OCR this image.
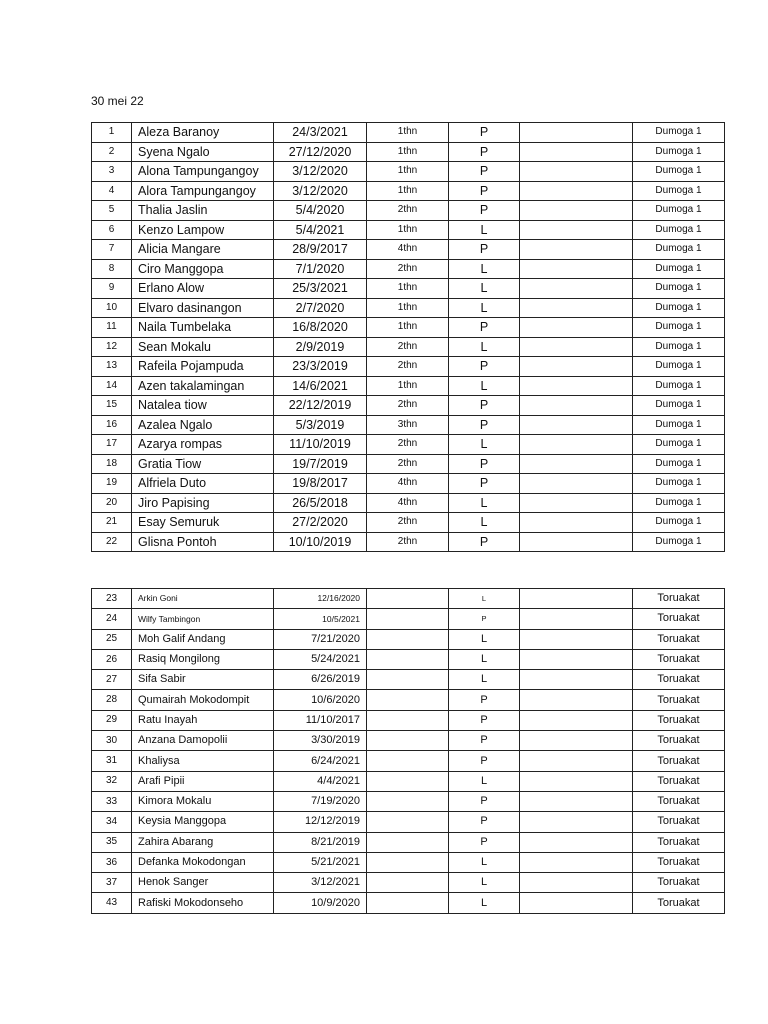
30 mei 22
1	Aleza Baranoy	24/3/2021	1thn	P		Dumoga 1
2	Syena Ngalo	27/12/2020	1thn	P		Dumoga 1
3	Alona Tampungangoy	3/12/2020	1thn	P		Dumoga 1
4	Alora Tampungangoy	3/12/2020	1thn	P		Dumoga 1
5	Thalia Jaslin	5/4/2020	2thn	P		Dumoga 1
6	Kenzo Lampow	5/4/2021	1thn	L		Dumoga 1
7	Alicia Mangare	28/9/2017	4thn	P		Dumoga 1
8	Ciro Manggopa	7/1/2020	2thn	L		Dumoga 1
9	Erlano Alow	25/3/2021	1thn	L		Dumoga 1
10	Elvaro dasinangon	2/7/2020	1thn	L		Dumoga 1
11	Naila Tumbelaka	16/8/2020	1thn	P		Dumoga 1
12	Sean Mokalu	2/9/2019	2thn	L		Dumoga 1
13	Rafeila Pojampuda	23/3/2019	2thn	P		Dumoga 1
14	Azen takalamingan	14/6/2021	1thn	L		Dumoga 1
15	Natalea tiow	22/12/2019	2thn	P		Dumoga 1
16	Azalea Ngalo	5/3/2019	3thn	P		Dumoga 1
17	Azarya rompas	11/10/2019	2thn	L		Dumoga 1
18	Gratia Tiow	19/7/2019	2thn	P		Dumoga 1
19	Alfriela Duto	19/8/2017	4thn	P		Dumoga 1
20	Jiro Papising	26/5/2018	4thn	L		Dumoga 1
21	Esay Semuruk	27/2/2020	2thn	L		Dumoga 1
22	Glisna Pontoh	10/10/2019	2thn	P		Dumoga 1
23	Arkin Goni	12/16/2020		L		Toruakat
24	Wilfy Tambingon	10/5/2021		P		Toruakat
25	Moh Galif Andang	7/21/2020		L		Toruakat
26	Rasiq Mongilong	5/24/2021		L		Toruakat
27	Sifa Sabir	6/26/2019		L		Toruakat
28	Qumairah Mokodompit	10/6/2020		P		Toruakat
29	Ratu Inayah	11/10/2017		P		Toruakat
30	Anzana Damopolii	3/30/2019		P		Toruakat
31	Khaliysa	6/24/2021		P		Toruakat
32	Arafi Pipii	4/4/2021		L		Toruakat
33	Kimora Mokalu	7/19/2020		P		Toruakat
34	Keysia Manggopa	12/12/2019		P		Toruakat
35	Zahira Abarang	8/21/2019		P		Toruakat
36	Defanka Mokodongan	5/21/2021		L		Toruakat
37	Henok Sanger	3/12/2021		L		Toruakat
43	Rafiski Mokodonseho	10/9/2020		L		Toruakat
